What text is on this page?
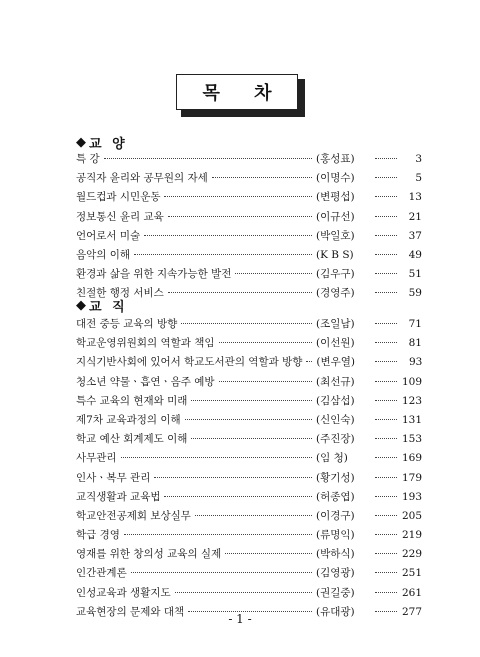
목 차
◆ 교 양
특 강	(홍성표)	3
공직자 윤리와 공무원의 자세	(이명수)	5
월드컵과 시민운동	(변평섭)	13
정보통신 윤리 교육	(이규선)	21
언어로서 미술	(박일호)	37
음악의 이해	(K B S)	49
환경과 삶을 위한 지속가능한 발전	(김우구)	51
친절한 행정 서비스	(경영주)	59
◆ 교 직
대전 중등 교육의 방향	(조일남)	71
학교운영위원회의 역할과 책임	(이선원)	81
지식기반사회에 있어서 학교도서관의 역할과 방향 (변우열)	93
청소년 약물ㆍ흡연ㆍ음주 예방	(최선규)	109
특수 교육의 현재와 미래	(김삼섭)	123
제7차 교육과정의 이해	(신인숙)	131
학교 예산 회계제도 이해	(주진장)	153
사무관리	(임 청)	169
인사ㆍ복무 관리	(황기성)	179
교직생활과 교육법	(허종엽)	193
학교안전공제회 보상실무	(이경구)	205
학급 경영	(류명익)	219
영재를 위한 창의성 교육의 실제	(박하식)	229
인간관계론	(김영광)	251
인성교육과 생활지도	(권길중)	261
교육현장의 문제와 대책	(유대광)	277
- 1 -
